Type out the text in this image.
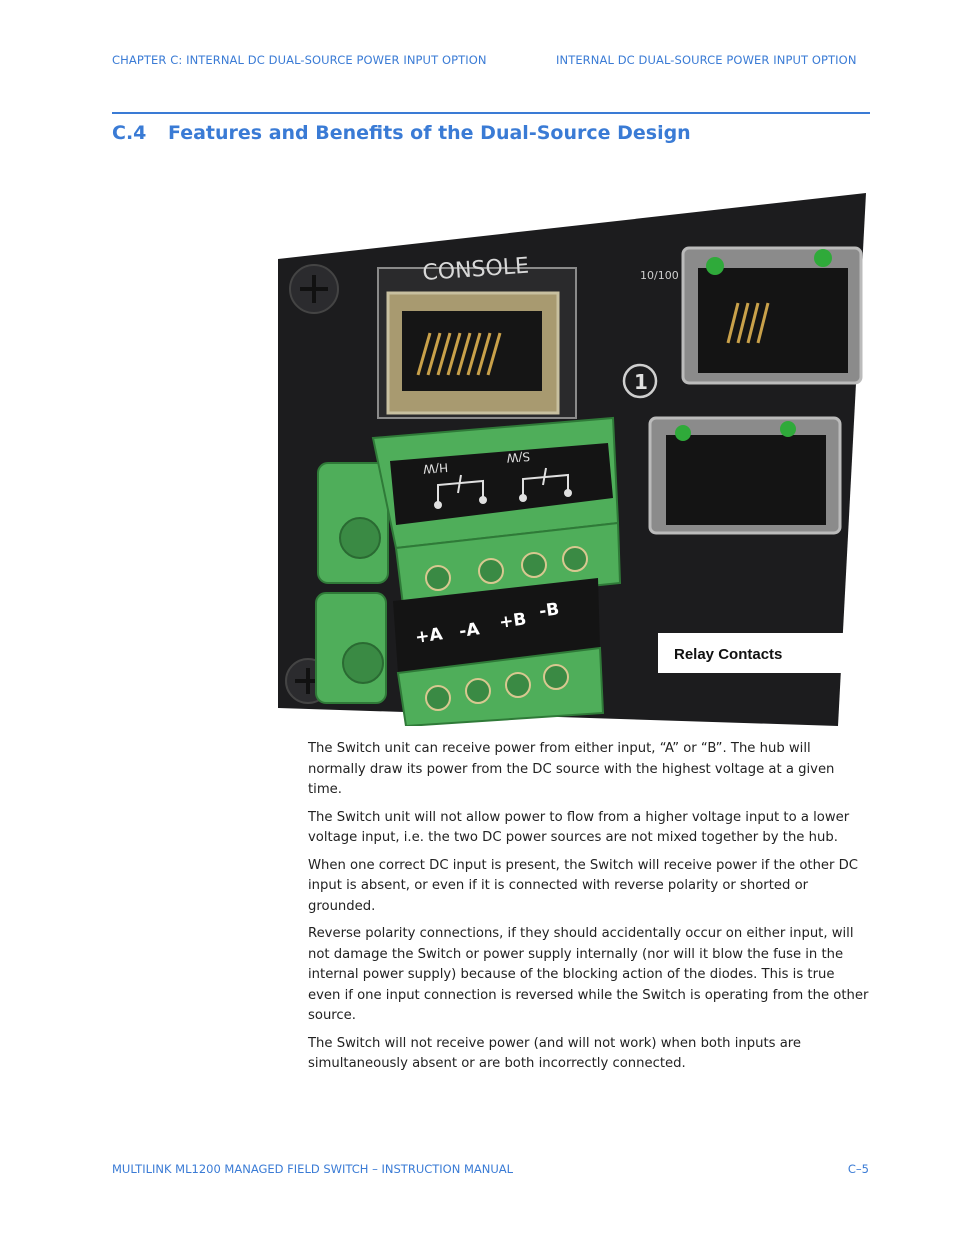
CHAPTER C: INTERNAL DC DUAL-SOURCE POWER INPUT OPTION	INTERNAL DC DUAL-SOURCE POWER INPUT OPTION
C.4 Features and Benefits of the Dual-Source Design
CONSOLE	10/100
1
H/W
S/W
+A -A +B -B
Relay Contacts

The Switch unit can receive power from either input, “A” or “B”. The hub will normally draw its power from the DC source with the highest voltage at a given time.

The Switch unit will not allow power to flow from a higher voltage input to a lower voltage input, i.e. the two DC power sources are not mixed together by the hub.

When one correct DC input is present, the Switch will receive power if the other DC input is absent, or even if it is connected with reverse polarity or shorted or grounded.

Reverse polarity connections, if they should accidentally occur on either input, will not damage the Switch or power supply internally (nor will it blow the fuse in the internal power supply) because of the blocking action of the diodes. This is true even if one input connection is reversed while the Switch is operating from the other source.

The Switch will not receive power (and will not work) when both inputs are simultaneously absent or are both incorrectly connected.

MULTILINK ML1200 MANAGED FIELD SWITCH – INSTRUCTION MANUAL	C–5
